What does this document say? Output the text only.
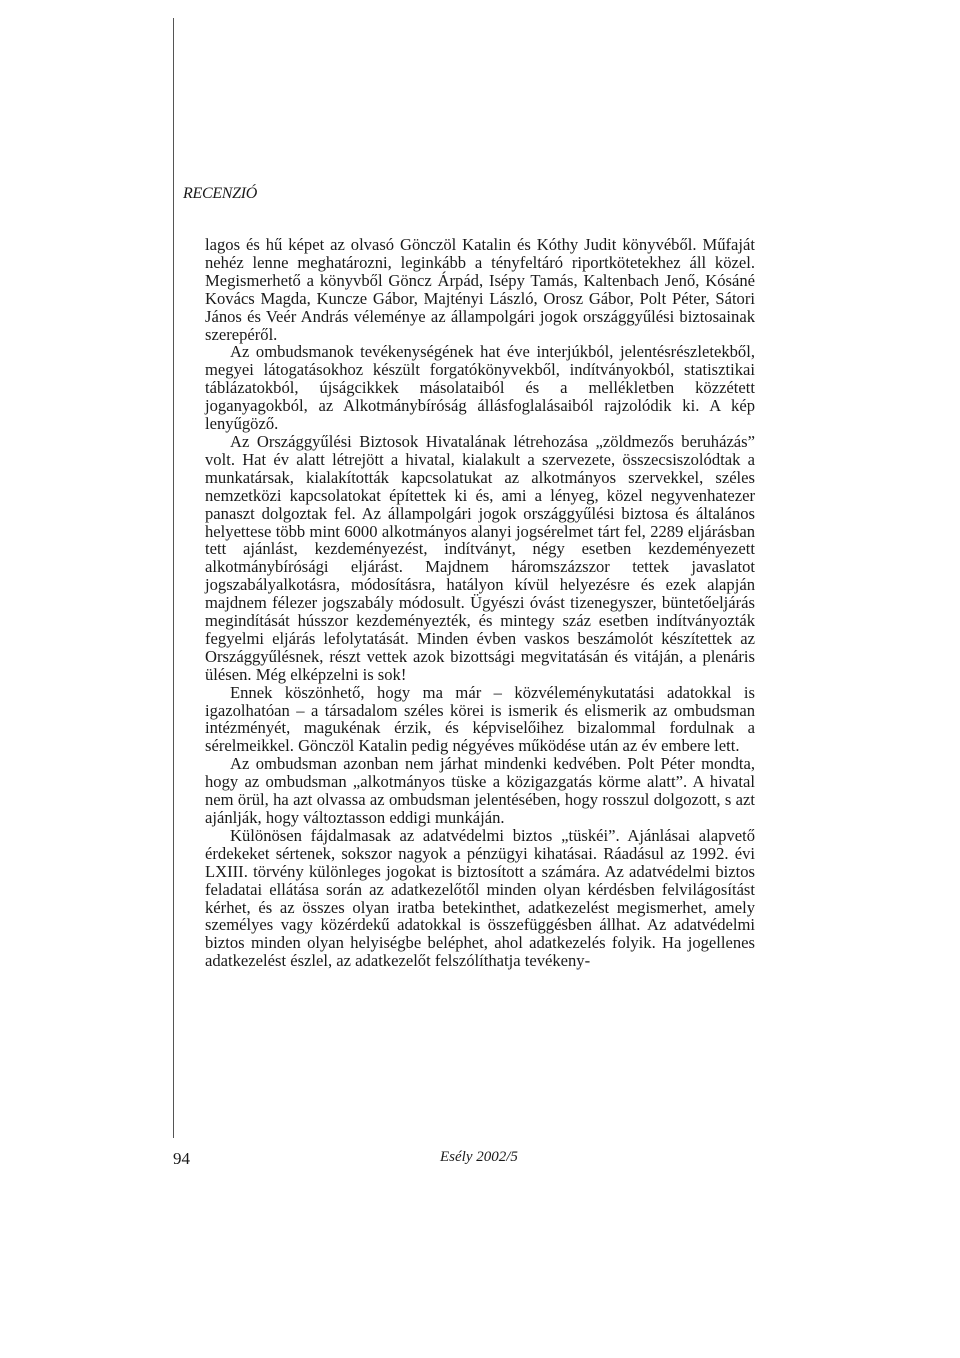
RECENZIÓ

lagos és hű képet az olvasó Gönczöl Katalin és Kóthy Judit könyvéből. Műfaját nehéz lenne meghatározni, leginkább a tényfeltáró riportkötetekhez áll közel. Megismerhető a könyvből Göncz Árpád, Isépy Tamás, Kaltenbach Jenő, Kósáné Kovács Magda, Kuncze Gábor, Majtényi László, Orosz Gábor, Polt Péter, Sátori János és Veér András véleménye az állampolgári jogok országgyűlési biztosainak szerepéről.

Az ombudsmanok tevékenységének hat éve interjúkból, jelentésrészletekből, megyei látogatásokhoz készült forgatókönyvekből, indítványokból, statisztikai táblázatokból, újságcikkek másolataiból és a mellékletben közzétett joganyagokból, az Alkotmánybíróság állásfoglalásaiból rajzolódik ki. A kép lenyűgöző.

Az Országgyűlési Biztosok Hivatalának létrehozása „zöldmezős beruházás” volt. Hat év alatt létrejött a hivatal, kialakult a szervezete, összecsiszolódtak a munkatársak, kialakították kapcsolatukat az alkotmányos szervekkel, széles nemzetközi kapcsolatokat építettek ki és, ami a lényeg, közel negyvenhatezer panaszt dolgoztak fel. Az állampolgári jogok országgyűlési biztosa és általános helyettese több mint 6000 alkotmányos alanyi jogsérelmet tárt fel, 2289 eljárásban tett ajánlást, kezdeményezést, indítványt, négy esetben kezdeményezett alkotmánybírósági eljárást. Majdnem háromszázszor tettek javaslatot jogszabályalkotásra, módosításra, hatályon kívül helyezésre és ezek alapján majdnem félezer jogszabály módosult. Ügyészi óvást tizenegyszer, büntetőeljárás megindítását hússzor kezdeményezték, és mintegy száz esetben indítványozták fegyelmi eljárás lefolytatását. Minden évben vaskos beszámolót készítettek az Országgyűlésnek, részt vettek azok bizottsági megvitatásán és vitáján, a plenáris ülésen. Még elképzelni is sok!

Ennek köszönhető, hogy ma már – közvéleménykutatási adatokkal is igazolhatóan – a társadalom széles körei is ismerik és elismerik az ombudsman intézményét, magukénak érzik, és képviselőihez bizalommal fordulnak a sérelmeikkel. Gönczöl Katalin pedig négyéves működése után az év embere lett.

Az ombudsman azonban nem járhat mindenki kedvében. Polt Péter mondta, hogy az ombudsman „alkotmányos tüske a közigazgatás körme alatt”. A hivatal nem örül, ha azt olvassa az ombudsman jelentésében, hogy rosszul dolgozott, s azt ajánlják, hogy változtasson eddigi munkáján.

Különösen fájdalmasak az adatvédelmi biztos „tüskéi”. Ajánlásai alapvető érdekeket sértenek, sokszor nagyok a pénzügyi kihatásai. Ráadásul az 1992. évi LXIII. törvény különleges jogokat is biztosított a számára. Az adatvédelmi biztos feladatai ellátása során az adatkezelőtől minden olyan kérdésben felvilágosítást kérhet, és az összes olyan iratba betekinthet, adatkezelést megismerhet, amely személyes vagy közérdekű adatokkal is összefüggésben állhat. Az adatvédelmi biztos minden olyan helyiségbe beléphet, ahol adatkezelés folyik. Ha jogellenes adatkezelést észlel, az adatkezelőt felszólíthatja tevékeny-

94	Esély 2002/5
